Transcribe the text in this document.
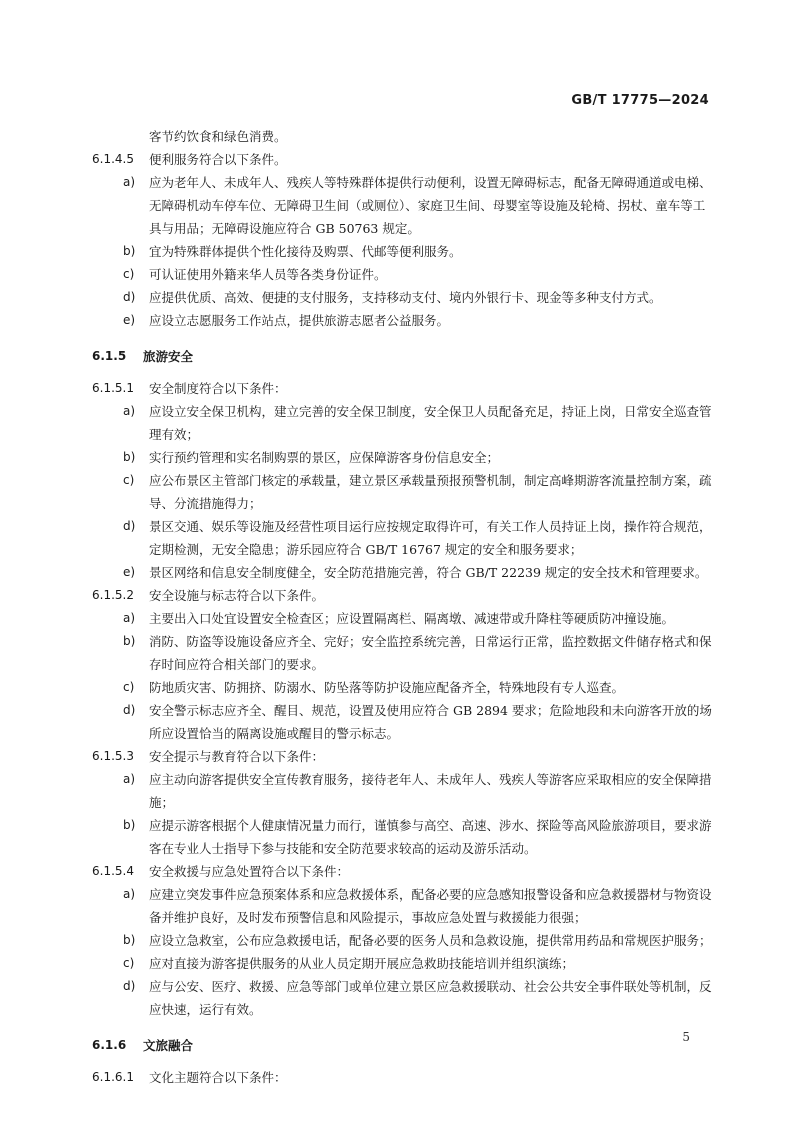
GB/T 17775—2024
客节约饮食和绿色消费。
6.1.4.5	便利服务符合以下条件。
a)	应为老年人、未成年人、残疾人等特殊群体提供行动便利，设置无障碍标志，配备无障碍通道或电梯、无障碍机动车停车位、无障碍卫生间（或厕位）、家庭卫生间、母婴室等设施及轮椅、拐杖、童车等工具与用品；无障碍设施应符合 GB 50763 规定。
b)	宜为特殊群体提供个性化接待及购票、代邮等便利服务。
c)	可认证使用外籍来华人员等各类身份证件。
d)	应提供优质、高效、便捷的支付服务，支持移动支付、境内外银行卡、现金等多种支付方式。
e)	应设立志愿服务工作站点，提供旅游志愿者公益服务。
6.1.5	旅游安全
6.1.5.1	安全制度符合以下条件：
a)	应设立安全保卫机构，建立完善的安全保卫制度，安全保卫人员配备充足，持证上岗，日常安全巡查管理有效；
b)	实行预约管理和实名制购票的景区，应保障游客身份信息安全；
c)	应公布景区主管部门核定的承载量，建立景区承载量预报预警机制，制定高峰期游客流量控制方案，疏导、分流措施得力；
d)	景区交通、娱乐等设施及经营性项目运行应按规定取得许可，有关工作人员持证上岗，操作符合规范，定期检测，无安全隐患；游乐园应符合 GB/T 16767 规定的安全和服务要求；
e)	景区网络和信息安全制度健全，安全防范措施完善，符合 GB/T 22239 规定的安全技术和管理要求。
6.1.5.2	安全设施与标志符合以下条件。
a)	主要出入口处宜设置安全检查区；应设置隔离栏、隔离墩、减速带或升降柱等硬质防冲撞设施。
b)	消防、防盗等设施设备应齐全、完好；安全监控系统完善，日常运行正常，监控数据文件储存格式和保存时间应符合相关部门的要求。
c)	防地质灾害、防拥挤、防溺水、防坠落等防护设施应配备齐全，特殊地段有专人巡查。
d)	安全警示标志应齐全、醒目、规范，设置及使用应符合 GB 2894 要求；危险地段和未向游客开放的场所应设置恰当的隔离设施或醒目的警示标志。
6.1.5.3	安全提示与教育符合以下条件：
a)	应主动向游客提供安全宣传教育服务，接待老年人、未成年人、残疾人等游客应采取相应的安全保障措施；
b)	应提示游客根据个人健康情况量力而行，谨慎参与高空、高速、涉水、探险等高风险旅游项目，要求游客在专业人士指导下参与技能和安全防范要求较高的运动及游乐活动。
6.1.5.4	安全救援与应急处置符合以下条件：
a)	应建立突发事件应急预案体系和应急救援体系，配备必要的应急感知报警设备和应急救援器材与物资设备并维护良好，及时发布预警信息和风险提示，事故应急处置与救援能力很强；
b)	应设立急救室，公布应急救援电话，配备必要的医务人员和急救设施，提供常用药品和常规医护服务；
c)	应对直接为游客提供服务的从业人员定期开展应急救助技能培训并组织演练；
d)	应与公安、医疗、救援、应急等部门或单位建立景区应急救援联动、社会公共安全事件联处等机制，反应快速，运行有效。
6.1.6	文旅融合
6.1.6.1	文化主题符合以下条件：
5
